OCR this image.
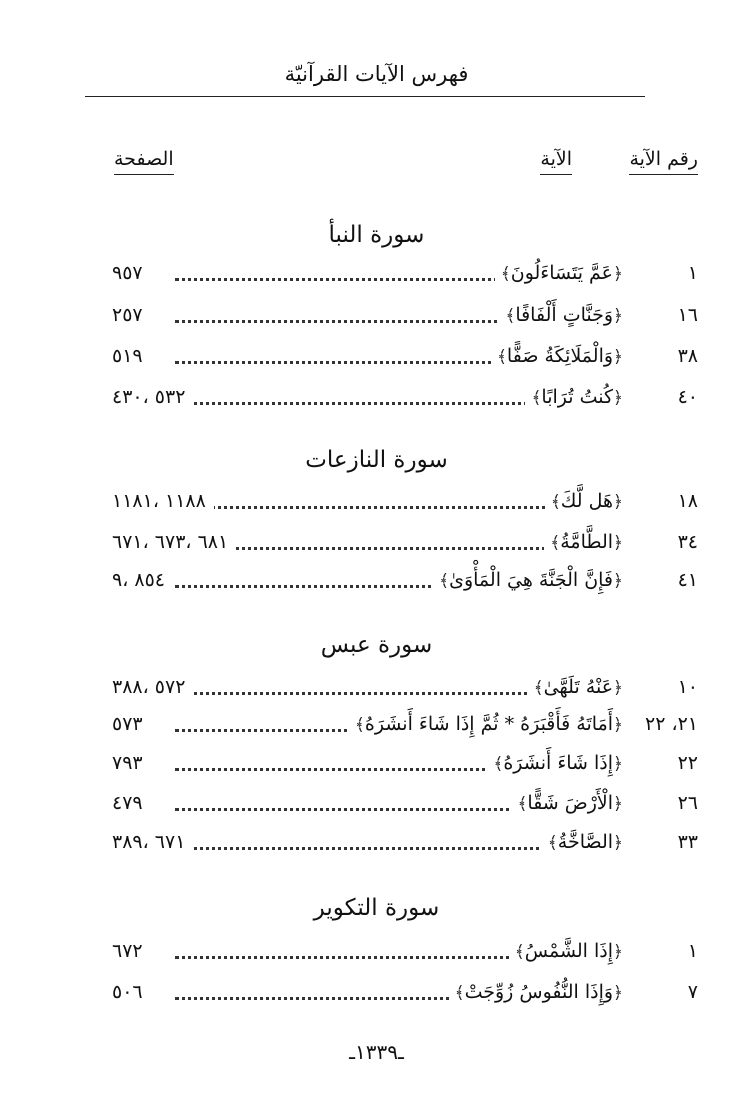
فهرس الآيات القرآنيّة
رقم الآية
الآية
الصفحة
سورة النبأ
١
﴿عَمَّ يَتَسَاءَلُونَ﴾
٩٥٧
١٦
﴿وَجَنَّاتٍ أَلْفَافًا﴾
٢٥٧
٣٨
﴿وَالْمَلَائِكَةُ صَفًّا﴾
٥١٩
٤٠
﴿كُنتُ تُرَابًا﴾
٥٣٢ ،٤٣٠
سورة النازعات
١٨
﴿هَل لَّكَ﴾
١١٨٨ ،١١٨١
٣٤
﴿الطَّامَّةُ﴾
٦٨١ ،٦٧٣ ،٦٧١
٤١
﴿فَإِنَّ الْجَنَّةَ هِيَ الْمَأْوَىٰ﴾
٨٥٤ ،٩
سورة عبس
١٠
﴿عَنْهُ تَلَهَّىٰ﴾
٥٧٢ ،٣٨٨
٢١، ٢٢
﴿أَمَاتَهُ فَأَقْبَرَهُ * ثُمَّ إِذَا شَاءَ أَنشَرَهُ﴾
٥٧٣
٢٢
﴿إِذَا شَاءَ أَنشَرَهُ﴾
٧٩٣
٢٦
﴿الْأَرْضَ شَقًّا﴾
٤٧٩
٣٣
﴿الصَّاخَّةُ﴾
٦٧١ ،٣٨٩
سورة التكوير
١
﴿إِذَا الشَّمْسُ﴾
٦٧٢
٧
﴿وَإِذَا النُّفُوسُ زُوِّجَتْ﴾
٥٠٦
ـ١٣٣٩ـ
